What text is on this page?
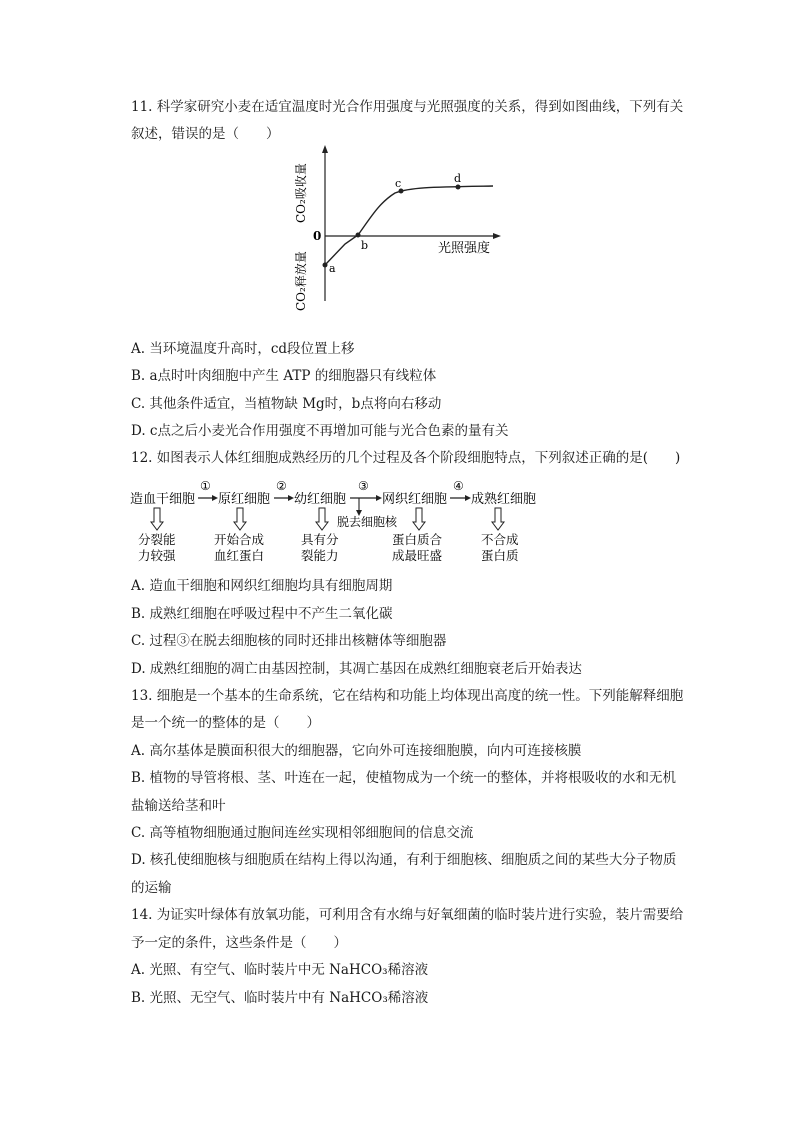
11. 科学家研究小麦在适宜温度时光合作用强度与光照强度的关系，得到如图曲线，下列有关
叙述，错误的是（　　）
a
b
c	d
0
光照强度
CO₂吸收量
CO₂释放量
A. 当环境温度升高时，cd段位置上移
B. a点时叶肉细胞中产生 ATP 的细胞器只有线粒体
C. 其他条件适宜，当植物缺 Mg时，b点将向右移动
D. c点之后小麦光合作用强度不再增加可能与光合色素的量有关
12. 如图表示人体红细胞成熟经历的几个过程及各个阶段细胞特点，下列叙述正确的是(　　)
造血干细胞 原红细胞 幼红细胞	网织红细胞 成熟红细胞
①	②	③	④
脱去细胞核
分裂能
力较强
开始合成
血红蛋白
具有分
裂能力
蛋白质合
成最旺盛
不合成
蛋白质
A. 造血干细胞和网织红细胞均具有细胞周期
B. 成熟红细胞在呼吸过程中不产生二氧化碳
C. 过程③在脱去细胞核的同时还排出核糖体等细胞器
D. 成熟红细胞的凋亡由基因控制，其凋亡基因在成熟红细胞衰老后开始表达
13. 细胞是一个基本的生命系统，它在结构和功能上均体现出高度的统一性。下列能解释细胞
是一个统一的整体的是（　　）
A. 高尔基体是膜面积很大的细胞器，它向外可连接细胞膜，向内可连接核膜
B. 植物的导管将根、茎、叶连在一起，使植物成为一个统一的整体，并将根吸收的水和无机
盐输送给茎和叶
C. 高等植物细胞通过胞间连丝实现相邻细胞间的信息交流
D. 核孔使细胞核与细胞质在结构上得以沟通，有利于细胞核、细胞质之间的某些大分子物质
的运输
14. 为证实叶绿体有放氧功能，可利用含有水绵与好氧细菌的临时装片进行实验，装片需要给
予一定的条件，这些条件是（　　）
A. 光照、有空气、临时装片中无 NaHCO₃稀溶液
B. 光照、无空气、临时装片中有 NaHCO₃稀溶液
